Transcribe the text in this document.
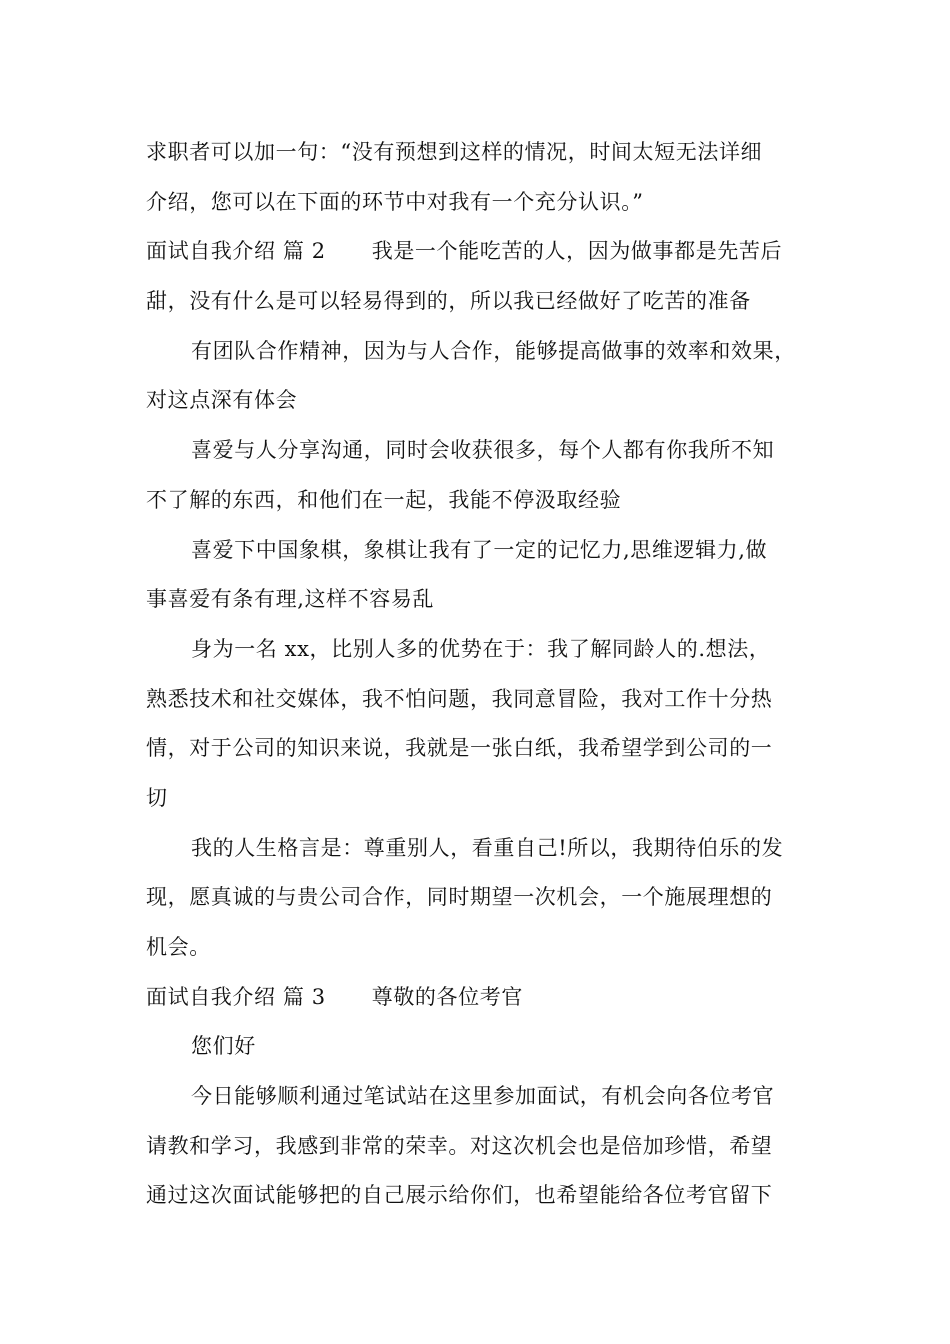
求职者可以加一句：“没有预想到这样的情况，时间太短无法详细
介绍，您可以在下面的环节中对我有一个充分认识。”
面试自我介绍 篇 2 我是一个能吃苦的人，因为做事都是先苦后
甜，没有什么是可以轻易得到的，所以我已经做好了吃苦的准备
有团队合作精神，因为与人合作，能够提高做事的效率和效果，
对这点深有体会
喜爱与人分享沟通，同时会收获很多，每个人都有你我所不知
不了解的东西，和他们在一起，我能不停汲取经验
喜爱下中国象棋，象棋让我有了一定的记忆力,思维逻辑力,做
事喜爱有条有理,这样不容易乱
身为一名 xx，比别人多的优势在于：我了解同龄人的.想法，
熟悉技术和社交媒体，我不怕问题，我同意冒险，我对工作十分热
情，对于公司的知识来说，我就是一张白纸，我希望学到公司的一
切
我的人生格言是：尊重别人，看重自己!所以，我期待伯乐的发
现，愿真诚的与贵公司合作，同时期望一次机会，一个施展理想的
机会。
面试自我介绍 篇 3 尊敬的各位考官
您们好
今日能够顺利通过笔试站在这里参加面试，有机会向各位考官
请教和学习，我感到非常的荣幸。对这次机会也是倍加珍惜，希望
通过这次面试能够把的自己展示给你们，也希望能给各位考官留下
